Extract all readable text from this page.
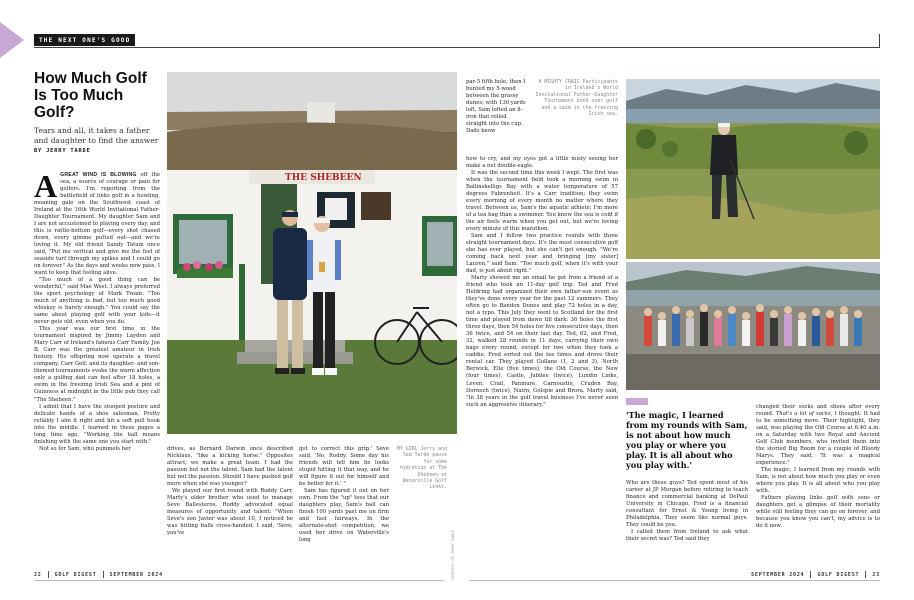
THE NEXT ONE'S GOOD
How Much Golf Is Too Much Golf?
Tears and all, it takes a father and daughter to find the answer
BY JERRY TARDE

AGREAT WIND IS BLOWING off the sea, a source of courage or pain for golfers. I'm reporting from the battlefield of links golf in a howling, moaning gale on the Southwest coast of Ireland at the 16th World Invitational Father-Daughter Tournament. My daughter Sam and I are not accustomed to playing every day, and this is rattle-bottom golf—every shot chased down, every gimme putted out—and we're loving it. My old friend Sandy Tatum once said, "Put me vertical and give me the feel of seaside turf through my spikes and I could go on forever." As the days and weeks now pass, I want to keep that feeling alive.

"Too much of a good thing can be wonderful," said Mae West. I always preferred the sport psychology of Mark Twain: "Too much of anything is bad, but too much good whiskey is barely enough." You could say the same about playing golf with your kids—it never gets old, even when you do.

This year was our first time in the tournament inspired by Jimmy Layden and Mary Carr of Ireland's famous Carr Family. Joe B. Carr was the greatest amateur in Irish history. His offspring now operate a travel company, Carr Golf, and its daughter- and son-themed tournaments evoke the warm affection only a golfing dad can feel after 18 holes, a swim in the freezing Irish Sea and a pint of Guinness at midnight in the little pub they call "The Shebeen."

I admit that I have the stooped posture and delicate hands of a shoe salesman. Pretty reliably I aim it right and hit a soft pull hook into the middle. I learned in these pages a long time ago, "Working the ball means finishing with the same one you start with."

Not so for Sam, who pummels her

THE SHEBEEN

drives, as Bernard Darwin once described Nicklaus, "like a kicking horse." Opposites attract; we make a great team. I had the passion but not the talent. Sam had the talent but not the passion. Should I have pushed golf more when she was younger?

We played our first round with Roddy Carr, Marty's older brother who used to manage Seve Ballesteros. Roddy advocated equal measures of opportunity and talent: "When Seve's son Javier was about 10, I noticed he was hitting balls cross-handed. I said, 'Seve, you've

got to correct this grip.' Seve said, 'No, Roddy. Some day his friends will tell him he looks stupid hitting it that way, and he will figure it out for himself and be better for it.' "

Sam has figured it out on her own. From the "up" tees that our daughters play, Sam's ball can finish 100 yards past me on firm and fast fairways. In the alternate-shot competition, we used her drive on Waterville's long

MY GIRL Jerry and Sam Tarde pause for some hydration at The Shebeen at Waterville Golf Links.
COURTESY OF JERRY TARDE
par-5 fifth hole; then I bunted my 5-wood between the grassy dunes; with 130 yards left, Sam lofted an 8-iron that rolled straight into the cup. Dads know
A MIGHTY CRAIC Participants in Ireland's World Invitational Father-Daughter Tournament bond over golf and a swim in the freezing Irish sea.

how to cry, and my eyes got a little misty seeing her make a net double-eagle.

It was the second time this week I wept. The first was when the tournament field took a morning swim in Ballinskelligs Bay with a water temperature of 57 degrees Fahrenheit. It's a Carr tradition; they swim every morning of every month no matter where they travel. Between us, Sam's the aquatic athlete; I'm more of a tea bag than a swimmer. You know the sea is cold if the air feels warm when you get out, but we're loving every minute of this marathon.

Sam and I follow two practice rounds with three straight tournament days. It's the most consecutive golf she has ever played, but she can't get enough. "We're coming back next year and bringing [my sister] Lauren," said Sam. "Too much golf, when it's with your dad, is just about right."

Marty showed me an email he got from a friend of a friend who took an 11-day golf trip. Ted and Fred Heldring had organized their own father-son event as they've done every year for the past 12 summers. They often go to Bandon Dunes and play 72 holes in a day, not a typo. This July they went to Scotland for the first time and played from dawn till dark: 36 holes the first three days, then 54 holes for five consecutive days, then 36 twice, and 54 on their last day. Ted, 62, and Fred, 32, walked 28 rounds in 11 days, carrying their own bags every round, except for two when they took a caddie. Fred sorted out the tee times and drove their rental car. They played Gullane (1, 2 and 3), North Berwick, Elie (five times), the Old Course, the New (four times), Castle, Jubilee (twice), Lundin Links, Leven, Crail, Panmure, Carnoustie, Cruden Bay, Dornoch (twice), Nairn, Golspie and Brora. Marty said, "In 38 years in the golf travel business I've never seen such an aggressive itinerary."

'The magic, I learned from my rounds with Sam, is not about how much you play or where you play. It is all about who you play with.'

Who are these guys? Ted spent most of his career at JP Morgan before retiring to teach finance and commercial banking at DePaul University in Chicago. Fred is a financial consultant for Ernst & Young living in Philadelphia. They seem like normal guys. They could be you.

I called them from Ireland to ask what their secret was? Ted said they

changed their socks and shoes after every round. That's a lot of socks, I thought. It had to be something more. Their highlight, they said, was playing the Old Course at 6:40 a.m. on a Saturday with two Royal and Ancient Golf Club members, who invited them into the storied Big Room for a couple of Bloody Marys. They said, "It was a magical experience."

The magic, I learned from my rounds with Sam, is not about how much you play or even where you play. It is all about who you play with.

Fathers playing links golf with sons or daughters get a glimpse of their mortality while still feeling they can go on forever, and because you know you can't, my advice is to do it now.

22	GOLF DIGEST	SEPTEMBER 2024	SEPTEMBER 2024	GOLF DIGEST	23
